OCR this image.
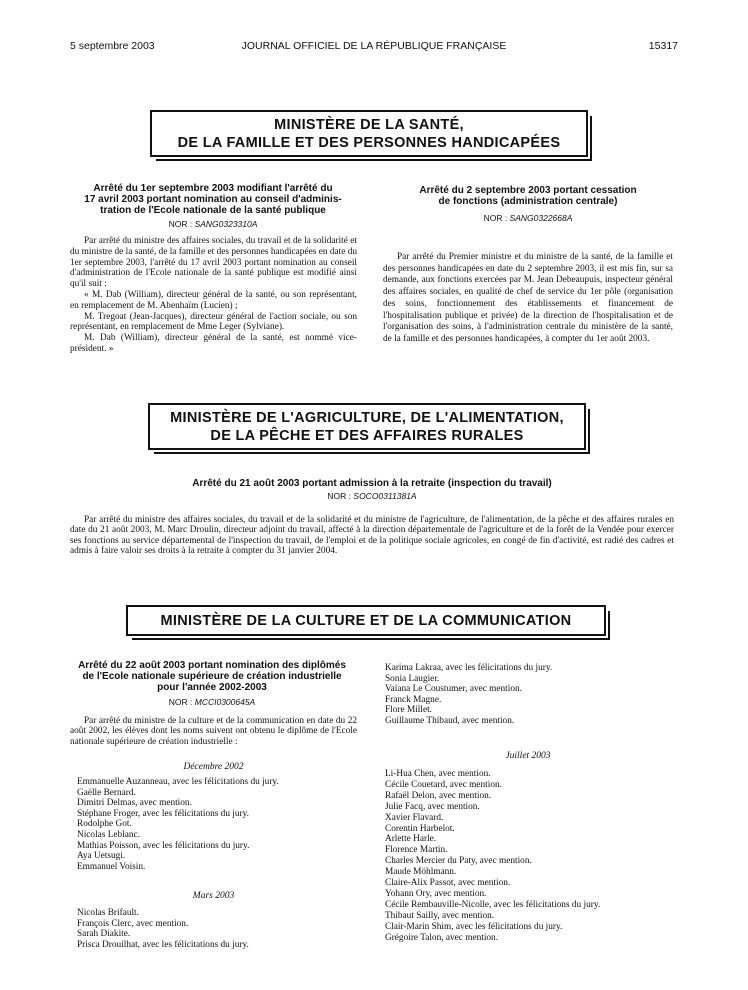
5 septembre 2003	JOURNAL OFFICIEL DE LA RÉPUBLIQUE FRANÇAISE	15317
MINISTÈRE DE LA SANTÉ,
DE LA FAMILLE ET DES PERSONNES HANDICAPÉES
Arrêté du 1er septembre 2003 modifiant l'arrêté du
17 avril 2003 portant nomination au conseil d'adminis-
tration de l'Ecole nationale de la santé publique
NOR : SANG0323310A

Par arrêté du ministre des affaires sociales, du travail et de la solidarité et du ministre de la santé, de la famille et des personnes handicapées en date du 1er septembre 2003, l'arrêté du 17 avril 2003 portant nomination au conseil d'administration de l'Ecole nationale de la santé publique est modifié ainsi qu'il suit :

« M. Dab (William), directeur général de la santé, ou son représentant, en remplacement de M. Abenhaïm (Lucien) ;

M. Tregoat (Jean-Jacques), directeur général de l'action sociale, ou son représentant, en remplacement de Mme Leger (Sylviane).

M. Dab (William), directeur général de la santé, est nommé vice-président. »

Arrêté du 2 septembre 2003 portant cessation
de fonctions (administration centrale)
NOR : SANG0322668A

Par arrêté du Premier ministre et du ministre de la santé, de la famille et des personnes handicapées en date du 2 septembre 2003, il est mis fin, sur sa demande, aux fonctions exercées par M. Jean Debeaupuis, inspecteur général des affaires sociales, en qualité de chef de service du 1er pôle (organisation des soins, fonctionnement des établissements et financement de l'hospitalisation publique et privée) de la direction de l'hospitalisation et de l'organisation des soins, à l'administration centrale du ministère de la santé, de la famille et des personnes handicapées, à compter du 1er août 2003.

MINISTÈRE DE L'AGRICULTURE, DE L'ALIMENTATION,
DE LA PÊCHE ET DES AFFAIRES RURALES
Arrêté du 21 août 2003 portant admission à la retraite (inspection du travail)
NOR : SOCO0311381A

Par arrêté du ministre des affaires sociales, du travail et de la solidarité et du ministre de l'agriculture, de l'alimentation, de la pêche et des affaires rurales en date du 21 août 2003, M. Marc Droulin, directeur adjoint du travail, affecté à la direction départementale de l'agriculture et de la forêt de la Vendée pour exercer ses fonctions au service départemental de l'inspection du travail, de l'emploi et de la politique sociale agricoles, en congé de fin d'activité, est radié des cadres et admis à faire valoir ses droits à la retraite à compter du 31 janvier 2004.

MINISTÈRE DE LA CULTURE ET DE LA COMMUNICATION
Arrêté du 22 août 2003 portant nomination des diplômés
de l'Ecole nationale supérieure de création industrielle
pour l'année 2002-2003
NOR : MCCI0300645A

Par arrêté du ministre de la culture et de la communication en date du 22 août 2002, les élèves dont les noms suivent ont obtenu le diplôme de l'Ecole nationale supérieure de création industrielle :

Décembre 2002
Emmanuelle Auzanneau, avec les félicitations du jury.
Gaëlle Bernard.
Dimitri Delmas, avec mention.
Stéphane Froger, avec les félicitations du jury.
Rodolphe Got.
Nicolas Leblanc.
Mathias Poisson, avec les félicitations du jury.
Aya Uetsugi.
Emmanuel Voisin.
Mars 2003
Nicolas Brifault.
François Clerc, avec mention.
Sarah Diakite.
Prisca Drouilhat, avec les félicitations du jury.
Karima Lakraa, avec les félicitations du jury.
Sonia Laugier.
Vaïana Le Coustumer, avec mention.
Franck Magne.
Flore Millet.
Guillaume Thibaud, avec mention.
Juillet 2003
Li-Hua Chen, avec mention.
Cécile Couetard, avec mention.
Rafaël Delon, avec mention.
Julie Facq, avec mention.
Xavier Flavard.
Corentin Harbelot.
Arlette Harle.
Florence Martin.
Charles Mercier du Paty, avec mention.
Maude Möhlmann.
Claire-Alix Passot, avec mention.
Yohann Ory, avec mention.
Cécile Rembauville-Nicolle, avec les félicitations du jury.
Thibaut Sailly, avec mention.
Clair-Marin Shim, avec les félicitations du jury.
Grégoire Talon, avec mention.
